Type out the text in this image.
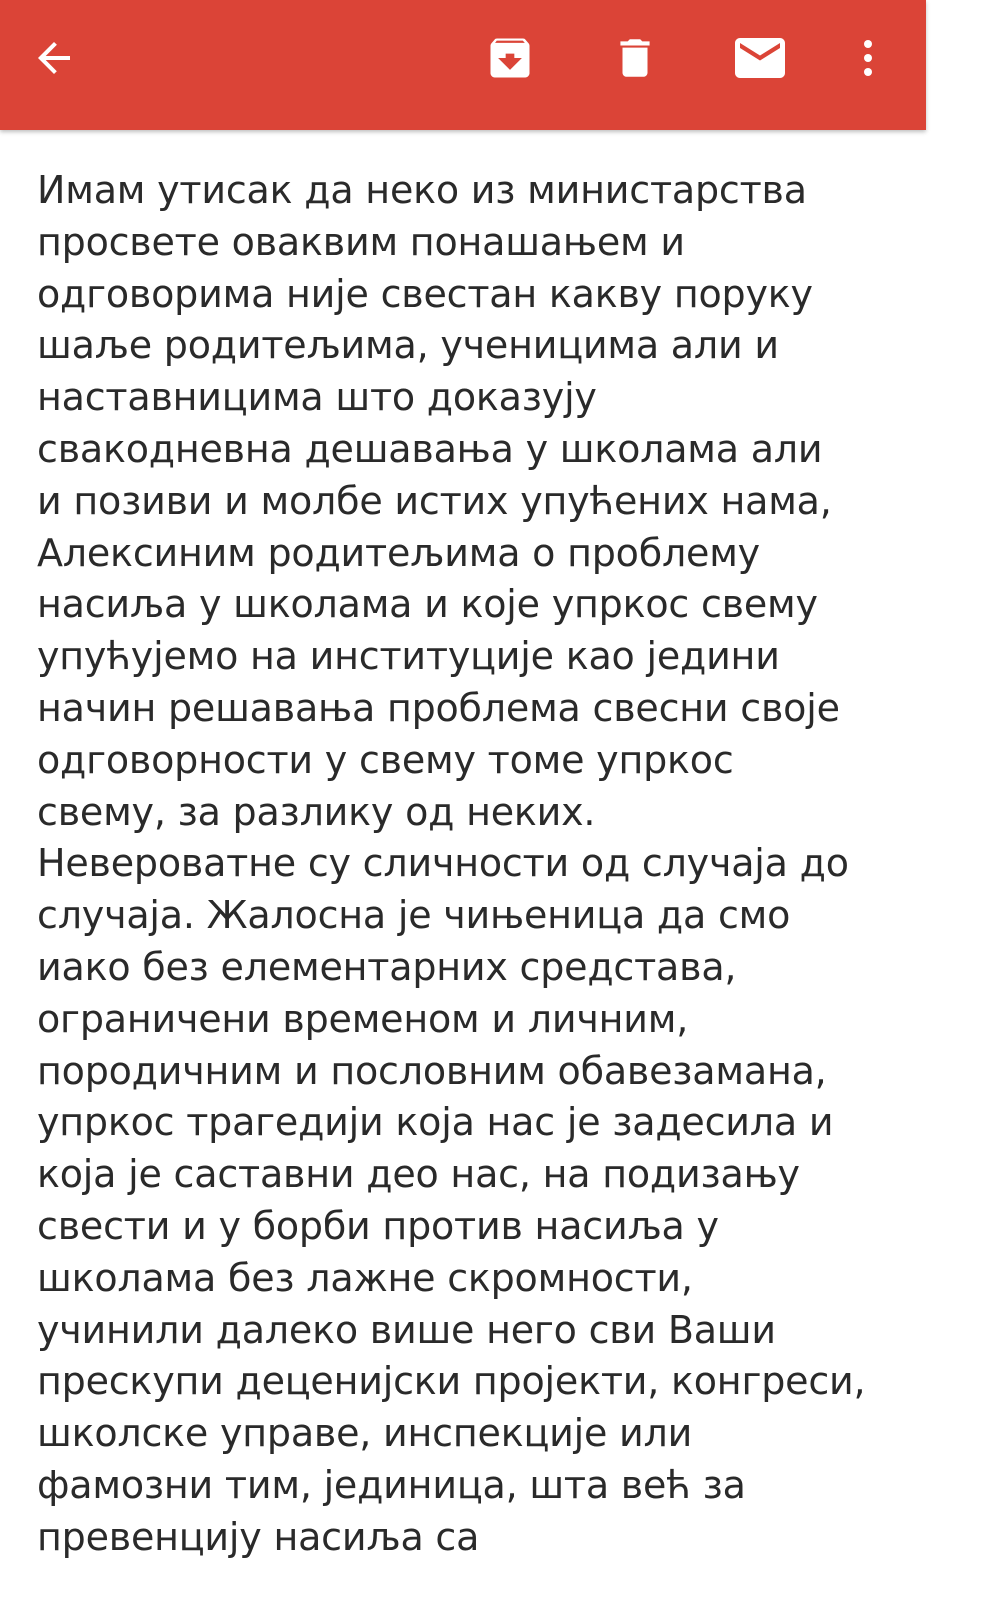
Имам утисак да неко из министарства
просвете оваквим понашањем и
одговорима није свестан какву поруку
шаље родитељима, ученицима али и
наставницима што доказују
свакодневна дешавања у школама али
и позиви и молбе истих упућених нама,
Алексиним родитељима о проблему
насиља у школама и које упркос свему
упућујемо на институције као једини
начин решавања проблема свесни своје
одговорности у свему томе упркос
свему, за разлику од неких.
Невероватне су сличности од случаја до
случаја. Жалосна је чињеница да смо
иако без елементарних средстава,
ограничени временом и личним,
породичним и пословним обавезамана,
упркос трагедији која нас је задесила и
која је саставни део нас, на подизању
свести и у борби против насиља у
школама без лажне скромности,
учинили далеко више него сви Ваши
прескупи деценијски пројекти, конгреси,
школске управе, инспекције или
фамозни тим, јединица, шта већ за
превенцију насиља са
